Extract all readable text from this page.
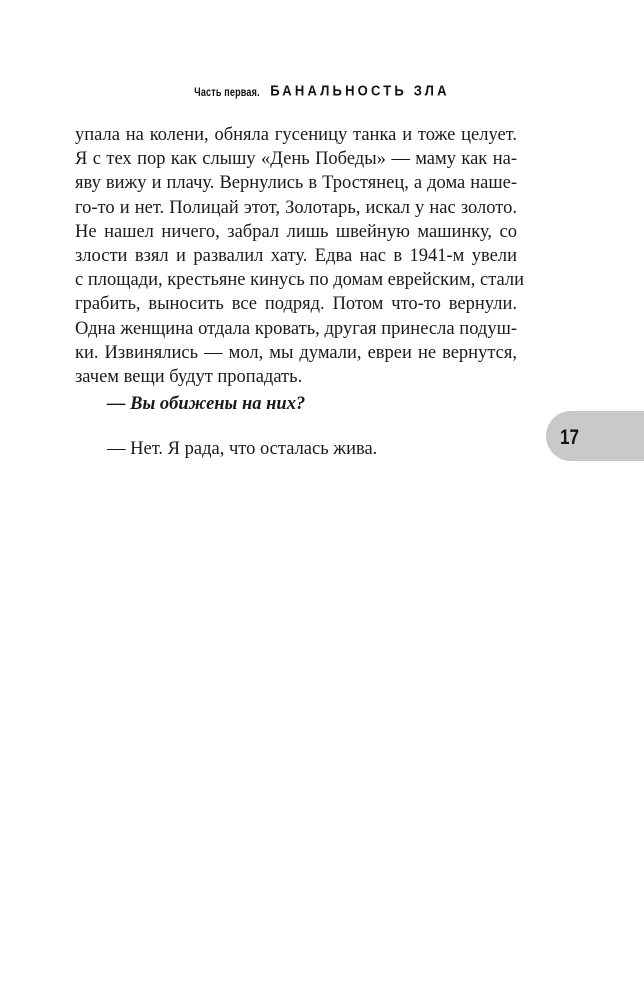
Часть первая. БАНАЛЬНОСТЬ ЗЛА
упала на колени, обняла гусеницу танка и тоже целует.
Я с тех пор как слышу «День Победы» — маму как на-
яву вижу и плачу. Вернулись в Тростянец, а дома наше-
го-то и нет. Полицай этот, Золотарь, искал у нас золото.
Не нашел ничего, забрал лишь швейную машинку, со
злости взял и развалил хату. Едва нас в 1941-м увели
с площади, крестьяне кинусь по домам еврейским, стали
грабить, выносить все подряд. Потом что-то вернули.
Одна женщина отдала кровать, другая принесла подуш-
ки. Извинялись — мол, мы думали, евреи не вернутся,
зачем вещи будут пропадать.
— Вы обижены на них?
— Нет. Я рада, что осталась жива.
17
